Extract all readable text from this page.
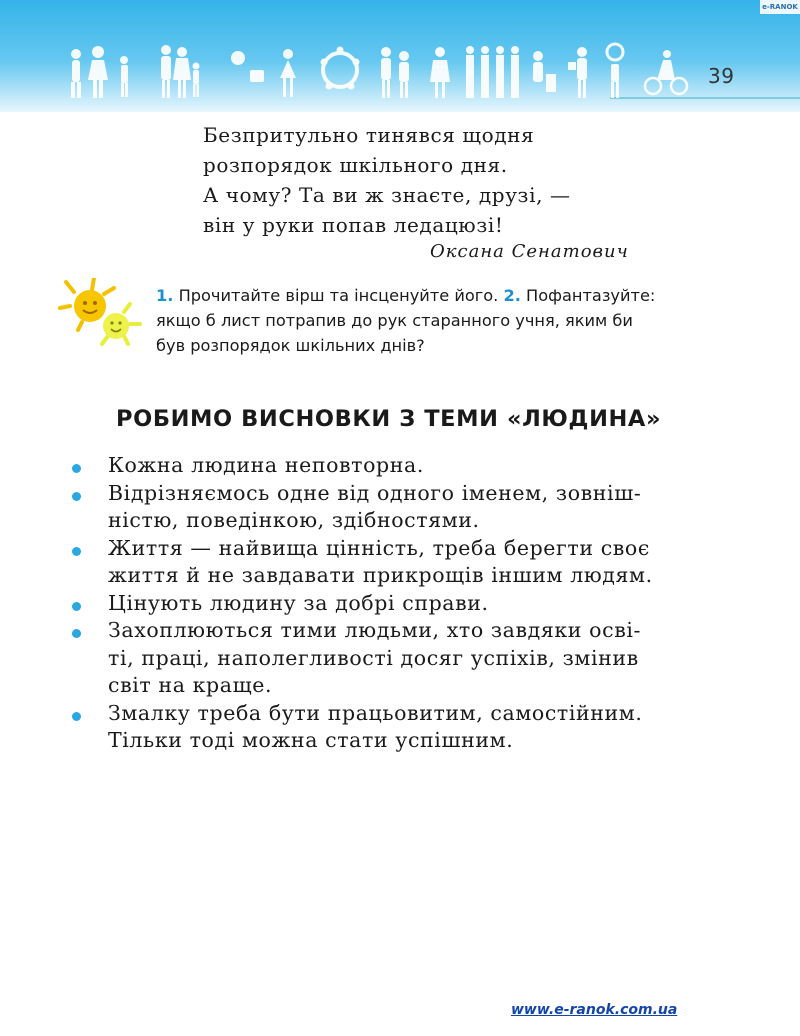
39
e-RANOK
Безпритульно тинявся щодня
розпорядок шкільного дня.
А чому? Та ви ж знаєте, друзі, —
він у руки попав ледацюзі!
Оксана Сенатович
1. Прочитайте вірш та інсценуйте його. 2. Пофантазуйте:
якщо б лист потрапив до рук старанного учня, яким би
був розпорядок шкільних днів?
РОБИМО ВИСНОВКИ З ТЕМИ «ЛЮДИНА»
Кожна людина неповторна.
Відрізняємось одне від одного іменем, зовніш-
ністю, поведінкою, здібностями.
Життя — найвища цінність, треба берегти своє
життя й не завдавати прикрощів іншим людям.
Цінують людину за добрі справи.
Захоплюються тими людьми, хто завдяки осві-
ті, праці, наполегливості досяг успіхів, змінив
світ на краще.
Змалку треба бути працьовитим, самостійним.
Тільки тоді можна стати успішним.
www.e-ranok.com.ua
